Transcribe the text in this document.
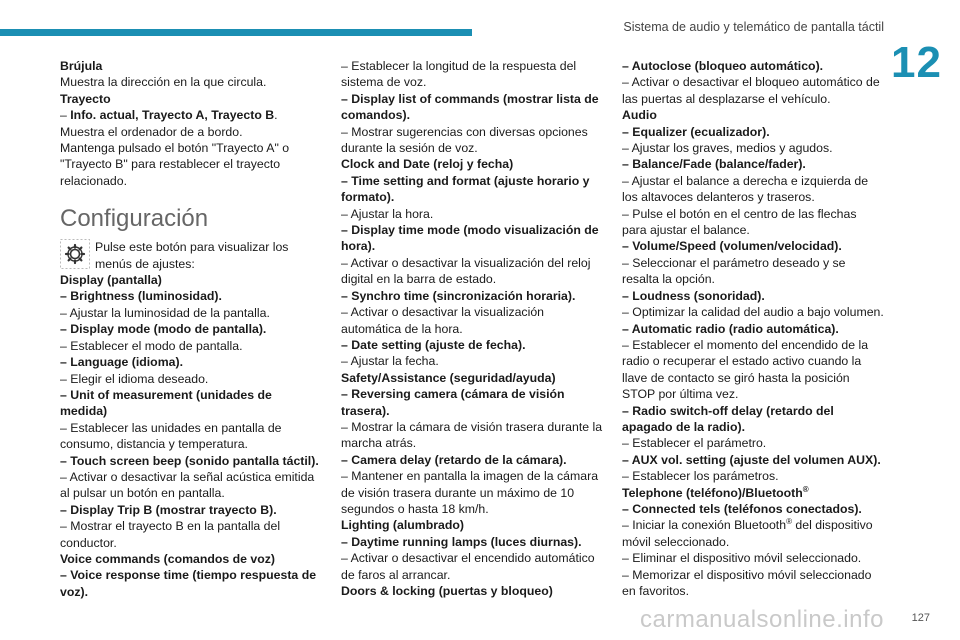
Sistema de audio y telemático de pantalla táctil
12
Brújula
Muestra la dirección en la que circula.
Trayecto
– Info. actual, Trayecto A, Trayecto B.
Muestra el ordenador de a bordo.
Mantenga pulsado el botón "Trayecto A" o "Trayecto B" para restablecer el trayecto relacionado.
Configuración
Pulse este botón para visualizar los menús de ajustes:
Display (pantalla)
– Brightness (luminosidad).
– Ajustar la luminosidad de la pantalla.
– Display mode (modo de pantalla).
– Establecer el modo de pantalla.
– Language (idioma).
– Elegir el idioma deseado.
– Unit of measurement (unidades de medida)
– Establecer las unidades en pantalla de consumo, distancia y temperatura.
– Touch screen beep (sonido pantalla táctil).
– Activar o desactivar la señal acústica emitida al pulsar un botón en pantalla.
– Display Trip B (mostrar trayecto B).
– Mostrar el trayecto B en la pantalla del conductor.
Voice commands (comandos de voz)
– Voice response time (tiempo respuesta de voz).
– Establecer la longitud de la respuesta del sistema de voz.
– Display list of commands (mostrar lista de comandos).
– Mostrar sugerencias con diversas opciones durante la sesión de voz.
Clock and Date (reloj y fecha)
– Time setting and format (ajuste horario y formato).
– Ajustar la hora.
– Display time mode (modo visualización de hora).
– Activar o desactivar la visualización del reloj digital en la barra de estado.
– Synchro time (sincronización horaria).
– Activar o desactivar la visualización automática de la hora.
– Date setting (ajuste de fecha).
– Ajustar la fecha.
Safety/Assistance (seguridad/ayuda)
– Reversing camera (cámara de visión trasera).
– Mostrar la cámara de visión trasera durante la marcha atrás.
– Camera delay (retardo de la cámara).
– Mantener en pantalla la imagen de la cámara de visión trasera durante un máximo de 10 segundos o hasta 18 km/h.
Lighting (alumbrado)
– Daytime running lamps (luces diurnas).
– Activar o desactivar el encendido automático de faros al arrancar.
Doors & locking (puertas y bloqueo)
– Autoclose (bloqueo automático).
– Activar o desactivar el bloqueo automático de las puertas al desplazarse el vehículo.
Audio
– Equalizer (ecualizador).
– Ajustar los graves, medios y agudos.
– Balance/Fade (balance/fader).
– Ajustar el balance a derecha e izquierda de los altavoces delanteros y traseros.
– Pulse el botón en el centro de las flechas para ajustar el balance.
– Volume/Speed (volumen/velocidad).
– Seleccionar el parámetro deseado y se resalta la opción.
– Loudness (sonoridad).
– Optimizar la calidad del audio a bajo volumen.
– Automatic radio (radio automática).
– Establecer el momento del encendido de la radio o recuperar el estado activo cuando la llave de contacto se giró hasta la posición STOP por última vez.
– Radio switch-off delay (retardo del apagado de la radio).
– Establecer el parámetro.
– AUX vol. setting (ajuste del volumen AUX).
– Establecer los parámetros.
Telephone (teléfono)/Bluetooth®
– Connected tels (teléfonos conectados).
– Iniciar la conexión Bluetooth® del dispositivo móvil seleccionado.
– Eliminar el dispositivo móvil seleccionado.
– Memorizar el dispositivo móvil seleccionado en favoritos.
carmanualsonline.info	127
